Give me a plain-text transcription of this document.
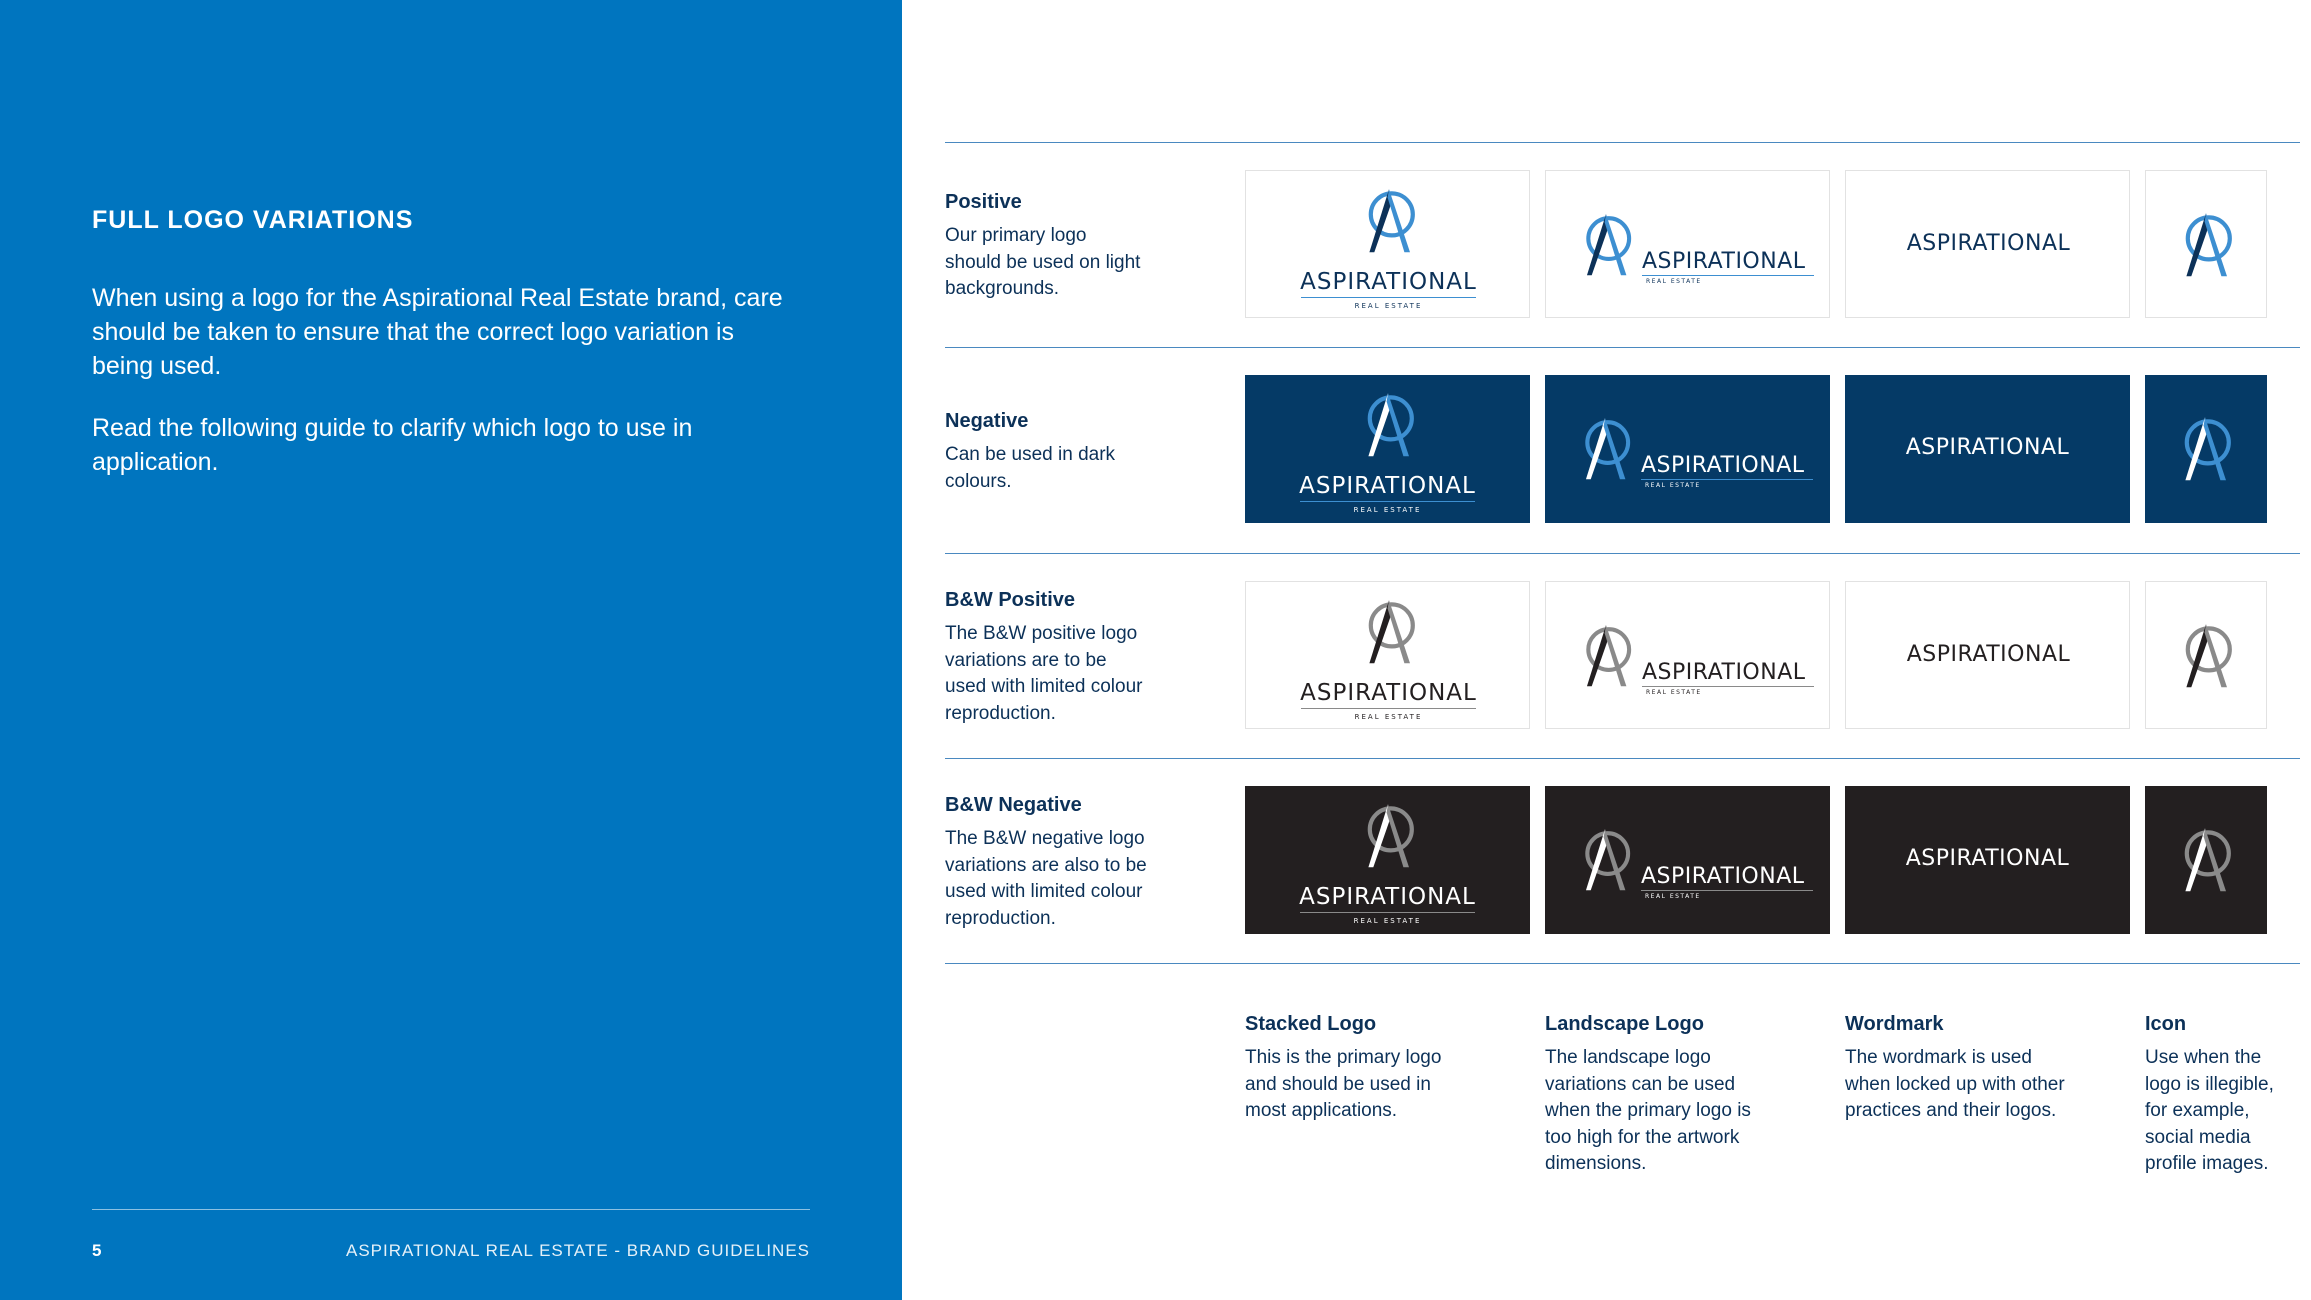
FULL LOGO VARIATIONS

When using a logo for the Aspirational Real Estate brand, care should be taken to ensure that the correct logo variation is being used.

Read the following guide to clarify which logo to use in application.

5	ASPIRATIONAL REAL ESTATE - BRAND GUIDELINES

Positive

Our primary logo
should be used on light
backgrounds.

Negative

Can be used in dark
colours.

B&W Positive

The B&W positive logo
variations are to be
used with limited colour
reproduction.

B&W Negative

The B&W negative logo
variations are also to be
used with limited colour
reproduction.

ASPIRATIONAL
REAL ESTATE
ASPIRATIONAL
REAL ESTATE
ASPIRATIONAL
ASPIRATIONAL
REAL ESTATE
ASPIRATIONAL
REAL ESTATE
ASPIRATIONAL
ASPIRATIONAL
REAL ESTATE
ASPIRATIONAL
REAL ESTATE
ASPIRATIONAL
ASPIRATIONAL
REAL ESTATE
ASPIRATIONAL
REAL ESTATE
ASPIRATIONAL

Stacked Logo

This is the primary logo
and should be used in
most applications.

Landscape Logo

The landscape logo
variations can be used
when the primary logo is
too high for the artwork
dimensions.

Wordmark

The wordmark is used
when locked up with other
practices and their logos.

Icon

Use when the
logo is illegible,
for example,
social media
profile images.
